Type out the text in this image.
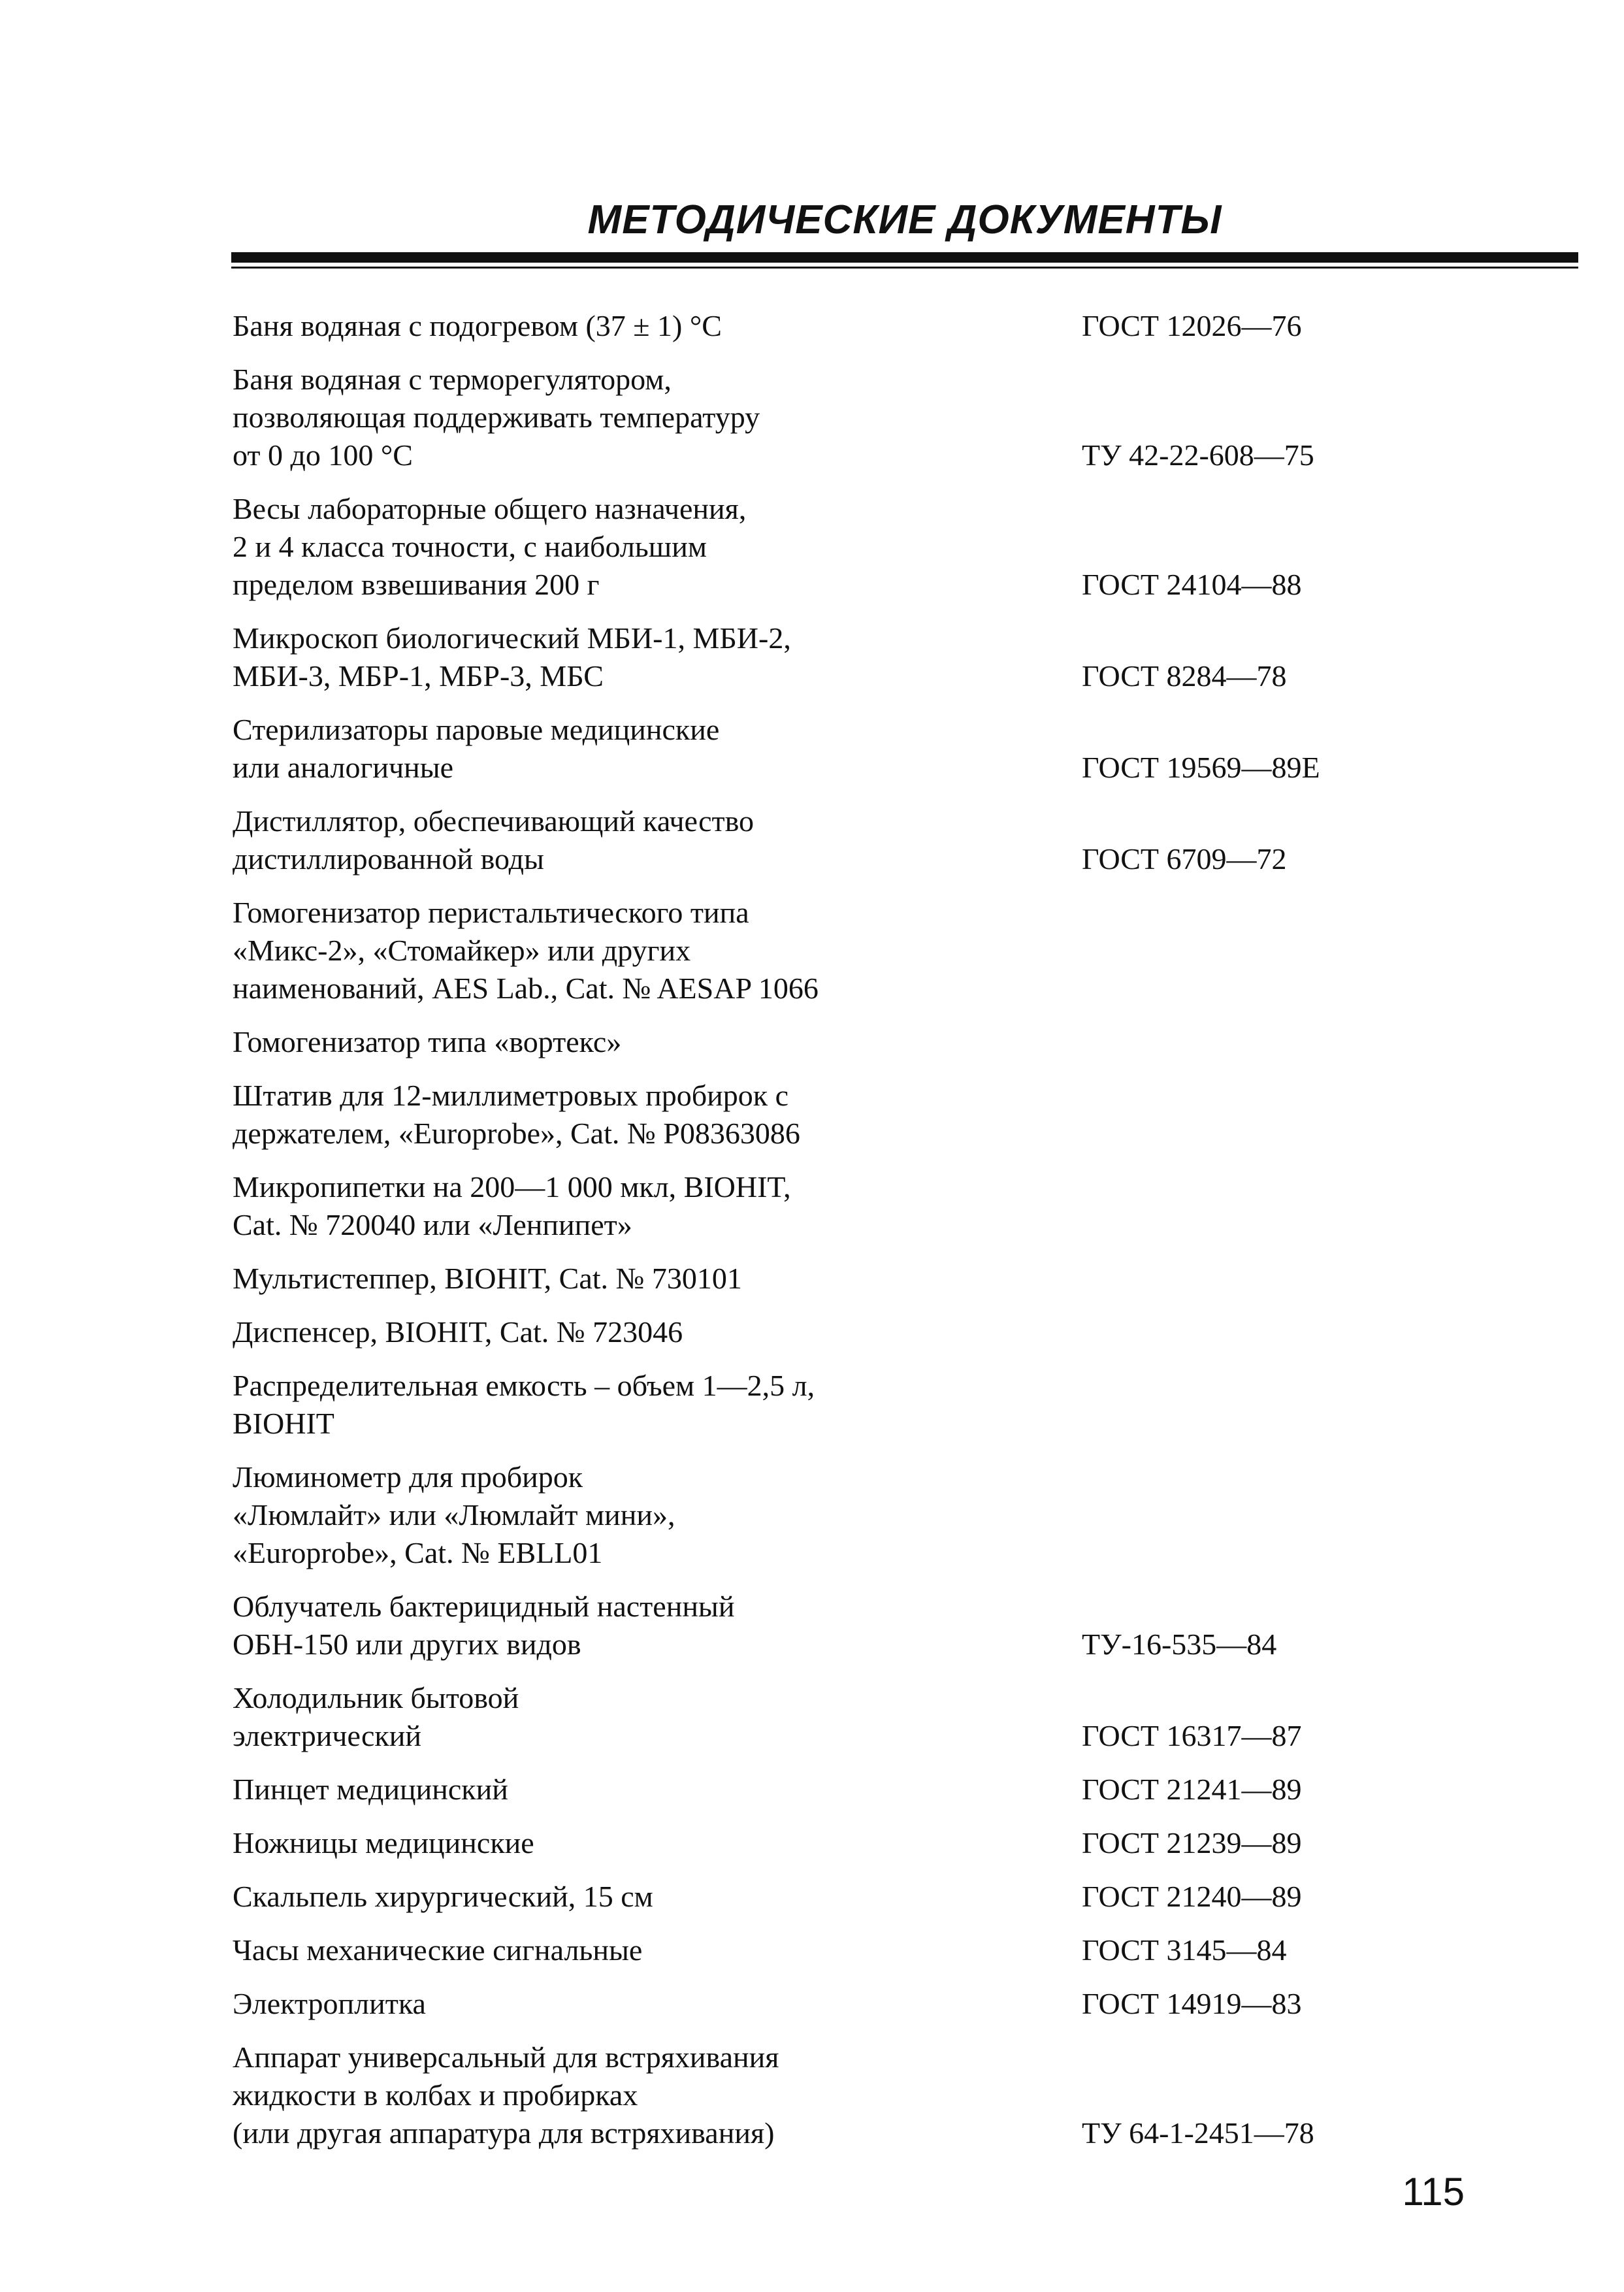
МЕТОДИЧЕСКИЕ ДОКУМЕНТЫ
Баня водяная с подогревом (37 ± 1) °С	ГОСТ 12026—76
Баня водяная с терморегулятором,
позволяющая поддерживать температуру
от 0 до 100 °С	ТУ 42-22-608—75
Весы лабораторные общего назначения,
2 и 4 класса точности, с наибольшим
пределом взвешивания 200 г	ГОСТ 24104—88
Микроскоп биологический МБИ-1, МБИ-2,
МБИ-3, МБР-1, МБР-3, МБС	ГОСТ 8284—78
Стерилизаторы паровые медицинские
или аналогичные	ГОСТ 19569—89Е
Дистиллятор, обеспечивающий качество
дистиллированной воды	ГОСТ 6709—72
Гомогенизатор перистальтического типа
«Микс-2», «Стомайкер» или других
наименований, AES Lab., Cat. № AESAP 1066
Гомогенизатор типа «вортекс»
Штатив для 12-миллиметровых пробирок с
держателем, «Europrobe», Cat. № P08363086
Микропипетки на 200—1 000 мкл, BIOHIT,
Cat. № 720040 или «Ленпипет»
Мультистеппер, BIOHIT, Cat. № 730101
Диспенсер, BIOHIT, Cat. № 723046
Распределительная емкость – объем 1—2,5 л,
BIOHIT
Люминометр для пробирок
«Люмлайт» или «Люмлайт мини»,
«Europrobe», Cat. № EBLL01
Облучатель бактерицидный настенный
ОБН-150 или других видов	ТУ-16-535—84
Холодильник бытовой
электрический	ГОСТ 16317—87
Пинцет медицинский	ГОСТ 21241—89
Ножницы медицинские	ГОСТ 21239—89
Скальпель хирургический, 15 см	ГОСТ 21240—89
Часы механические сигнальные	ГОСТ 3145—84
Электроплитка	ГОСТ 14919—83
Аппарат универсальный для встряхивания
жидкости в колбах и пробирках
(или другая аппаратура для встряхивания)	ТУ 64-1-2451—78
115
